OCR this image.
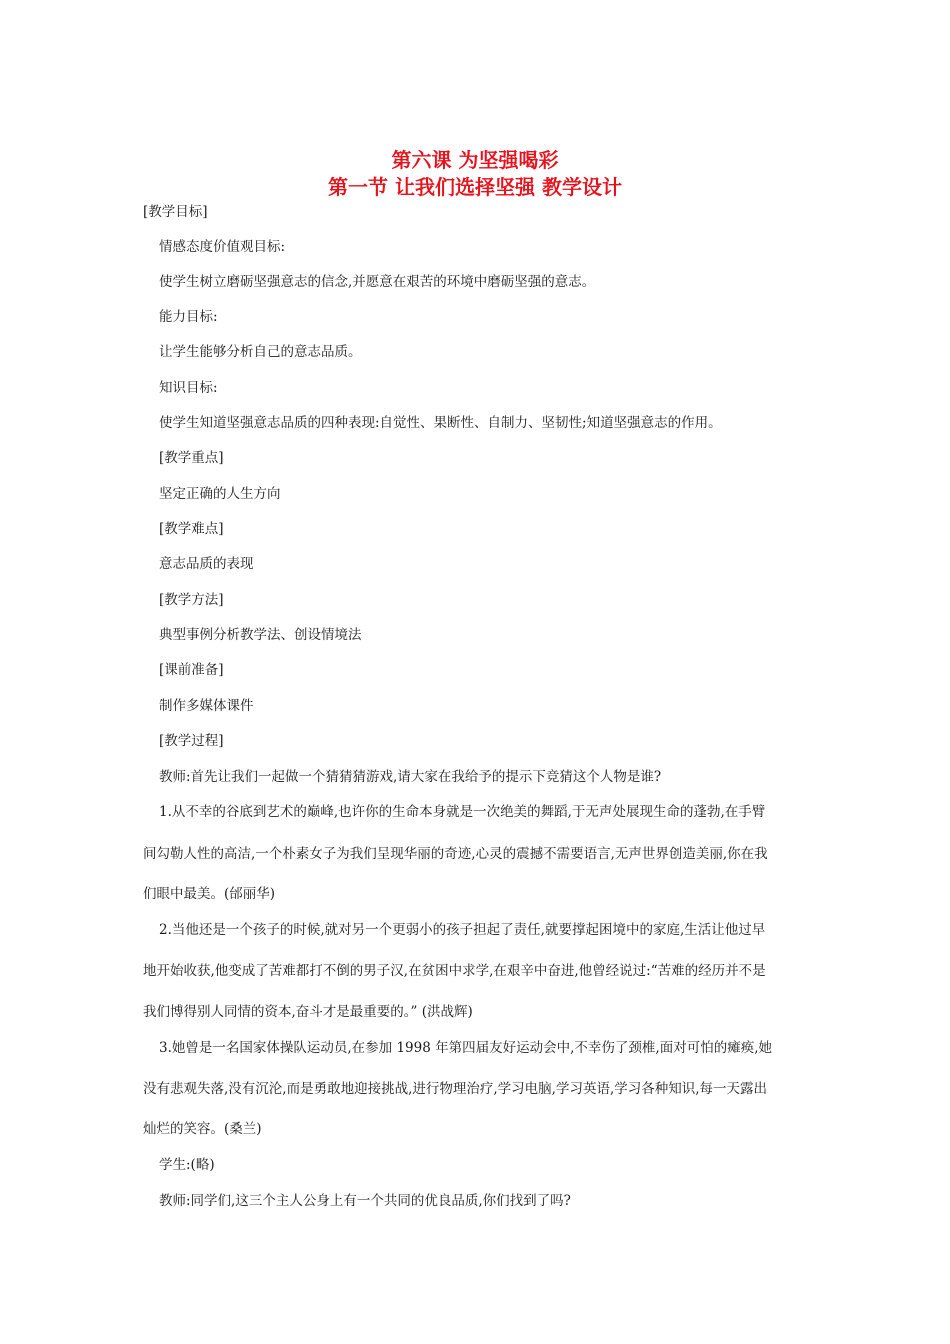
第六课 为坚强喝彩
第一节 让我们选择坚强 教学设计
[教学目标]
情感态度价值观目标:
使学生树立磨砺坚强意志的信念,并愿意在艰苦的环境中磨砺坚强的意志。
能力目标:
让学生能够分析自己的意志品质。
知识目标:
使学生知道坚强意志品质的四种表现:自觉性、果断性、自制力、坚韧性;知道坚强意志的作用。
[教学重点]
坚定正确的人生方向
[教学难点]
意志品质的表现
[教学方法]
典型事例分析教学法、创设情境法
[课前准备]
制作多媒体课件
[教学过程]
教师:首先让我们一起做一个猜猜猜游戏,请大家在我给予的提示下竞猜这个人物是谁?
1.从不幸的谷底到艺术的巅峰,也许你的生命本身就是一次绝美的舞蹈,于无声处展现生命的蓬勃,在手臂
间勾勒人性的高洁,一个朴素女子为我们呈现华丽的奇迹,心灵的震撼不需要语言,无声世界创造美丽,你在我
们眼中最美。(邰丽华)
2.当他还是一个孩子的时候,就对另一个更弱小的孩子担起了责任,就要撑起困境中的家庭,生活让他过早
地开始收获,他变成了苦难都打不倒的男子汉,在贫困中求学,在艰辛中奋进,他曾经说过:“苦难的经历并不是
我们博得别人同情的资本,奋斗才是最重要的。” (洪战辉)
3.她曾是一名国家体操队运动员,在参加 1998 年第四届友好运动会中,不幸伤了颈椎,面对可怕的瘫痪,她
没有悲观失落,没有沉沦,而是勇敢地迎接挑战,进行物理治疗,学习电脑,学习英语,学习各种知识,每一天露出
灿烂的笑容。(桑兰)
学生:(略)
教师:同学们,这三个主人公身上有一个共同的优良品质,你们找到了吗?
